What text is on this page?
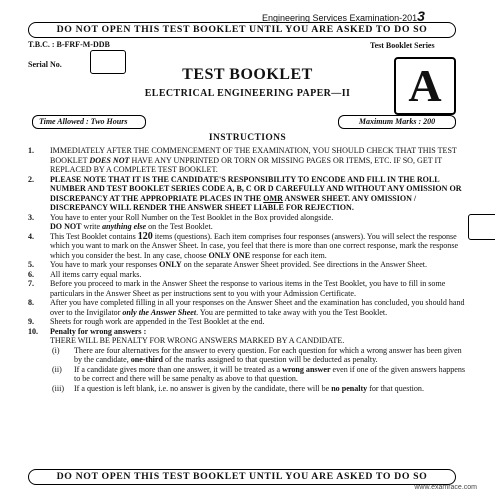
Engineering Services Examination-2013
DO NOT OPEN THIS TEST BOOKLET UNTIL YOU ARE ASKED TO DO SO
T.B.C. : B-FRF-M-DDB	Test Booklet Series
Serial No.	A
TEST BOOKLET
ELECTRICAL ENGINEERING PAPER—II
Time Allowed : Two Hours	Maximum Marks : 200
INSTRUCTIONS
1. IMMEDIATELY AFTER THE COMMENCEMENT OF THE EXAMINATION, YOU SHOULD CHECK THAT THIS TEST BOOKLET DOES NOT HAVE ANY UNPRINTED OR TORN OR MISSING PAGES OR ITEMS, ETC. IF SO, GET IT REPLACED BY A COMPLETE TEST BOOKLET.
2. PLEASE NOTE THAT IT IS THE CANDIDATE'S RESPONSIBILITY TO ENCODE AND FILL IN THE ROLL NUMBER AND TEST BOOKLET SERIES CODE A, B, C OR D CAREFULLY AND WITHOUT ANY OMISSION OR DISCREPANCY AT THE APPROPRIATE PLACES IN THE OMR ANSWER SHEET. ANY OMISSION / DISCREPANCY WILL RENDER THE ANSWER SHEET LIABLE FOR REJECTION.
3. You have to enter your Roll Number on the Test Booklet in the Box provided alongside. DO NOT write anything else on the Test Booklet.
4. This Test Booklet contains 120 items (questions). Each item comprises four responses (answers). You will select the response which you want to mark on the Answer Sheet. In case, you feel that there is more than one correct response, mark the response which you consider the best. In any case, choose ONLY ONE response for each item.
5. You have to mark your responses ONLY on the separate Answer Sheet provided. See directions in the Answer Sheet.
6. All items carry equal marks.
7. Before you proceed to mark in the Answer Sheet the response to various items in the Test Booklet, you have to fill in some particulars in the Answer Sheet as per instructions sent to you with your Admission Certificate.
8. After you have completed filling in all your responses on the Answer Sheet and the examination has concluded, you should hand over to the Invigilator only the Answer Sheet. You are permitted to take away with you the Test Booklet.
9. Sheets for rough work are appended in the Test Booklet at the end.
10. Penalty for wrong answers :
THERE WILL BE PENALTY FOR WRONG ANSWERS MARKED BY A CANDIDATE.
(i) There are four alternatives for the answer to every question. For each question for which a wrong answer has been given by the candidate, one-third of the marks assigned to that question will be deducted as penalty.
(ii) If a candidate gives more than one answer, it will be treated as a wrong answer even if one of the given answers happens to be correct and there will be same penalty as above to that question.
(iii) If a question is left blank, i.e. no answer is given by the candidate, there will be no penalty for that question.
DO NOT OPEN THIS TEST BOOKLET UNTIL YOU ARE ASKED TO DO SO
www.examrace.com
